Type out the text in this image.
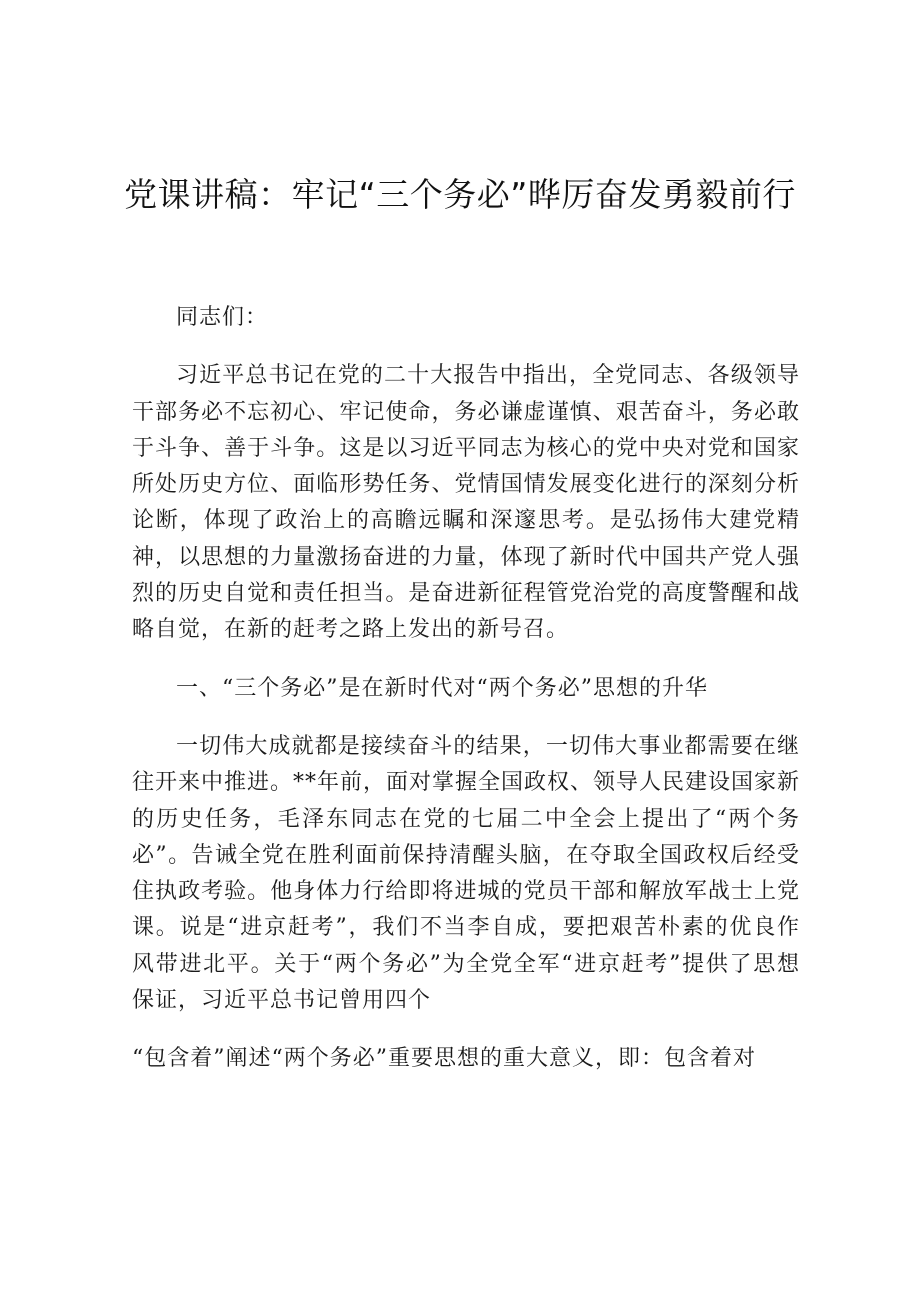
党课讲稿：牢记“三个务必”晔厉奋发勇毅前行

同志们：

习近平总书记在党的二十大报告中指出，全党同志、各级领导干部务必不忘初心、牢记使命，务必谦虚谨慎、艰苦奋斗，务必敢于斗争、善于斗争。这是以习近平同志为核心的党中央对党和国家所处历史方位、面临形势任务、党情国情发展变化进行的深刻分析论断，体现了政治上的高瞻远瞩和深邃思考。是弘扬伟大建党精神，以思想的力量激扬奋进的力量，体现了新时代中国共产党人强烈的历史自觉和责任担当。是奋进新征程管党治党的高度警醒和战略自觉，在新的赶考之路上发出的新号召。

一、“三个务必”是在新时代对“两个务必”思想的升华

一切伟大成就都是接续奋斗的结果，一切伟大事业都需要在继往开来中推进。**年前，面对掌握全国政权、领导人民建设国家新的历史任务，毛泽东同志在党的七届二中全会上提出了“两个务必”。告诫全党在胜利面前保持清醒头脑，在夺取全国政权后经受住执政考验。他身体力行给即将进城的党员干部和解放军战士上党课。说是“进京赶考”，我们不当李自成，要把艰苦朴素的优良作风带进北平。关于“两个务必”为全党全军“进京赶考”提供了思想保证，习近平总书记曾用四个

“包含着”阐述“两个务必”重要思想的重大意义，即：包含着对
